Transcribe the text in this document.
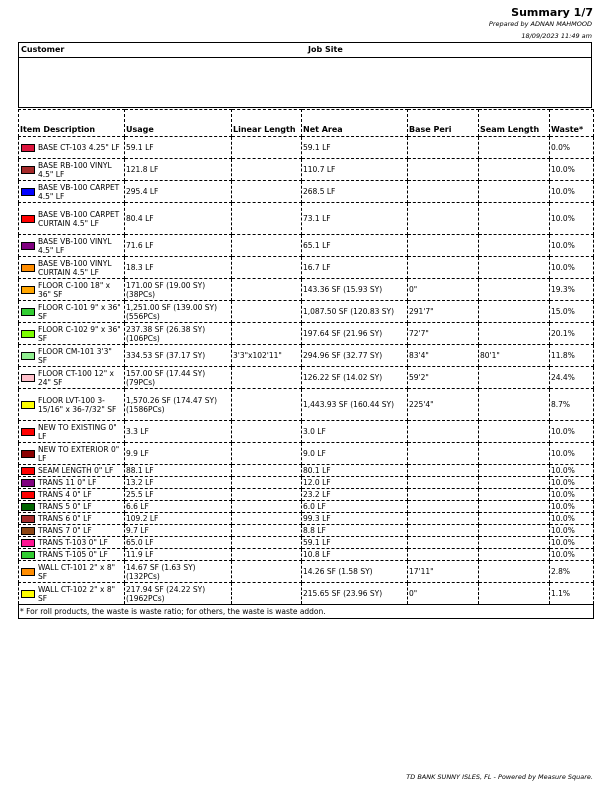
Summary 1/7
Prepared by ADNAN MAHMOOD
18/09/2023 11:49 am
Customer	Job Site
Item Description	Usage	Linear Length	Net Area	Base Peri	Seam Length	Waste*

BASE CT-103 4.25" LF	59.1 LF		59.1 LF			0.0%

BASE RB-100 VINYL 4.5" LF	121.8 LF		110.7 LF			10.0%

BASE VB-100 CARPET 4.5" LF	295.4 LF		268.5 LF			10.0%

BASE VB-100 CARPET CURTAIN 4.5" LF	80.4 LF		73.1 LF			10.0%

BASE VB-100 VINYL 4.5" LF	71.6 LF		65.1 LF			10.0%

BASE VB-100 VINYL CURTAIN 4.5" LF	18.3 LF		16.7 LF			10.0%

FLOOR C-100 18" x 36" SF	171.00 SF (19.00 SY) (38PCs)		143.36 SF (15.93 SY)	0"		19.3%

FLOOR C-101 9" x 36" SF	1,251.00 SF (139.00 SY) (556PCs)		1,087.50 SF (120.83 SY)	291'7"		15.0%

FLOOR C-102 9" x 36" SF	237.38 SF (26.38 SY) (106PCs)		197.64 SF (21.96 SY)	72'7"		20.1%

FLOOR CM-101 3'3" SF	334.53 SF (37.17 SY)	3'3"x102'11"	294.96 SF (32.77 SY)	83'4"	80'1"	11.8%

FLOOR CT-100 12" x 24" SF	157.00 SF (17.44 SY) (79PCs)		126.22 SF (14.02 SY)	59'2"		24.4%

FLOOR LVT-100 3-15/16" x 36-7/32" SF	1,570.26 SF (174.47 SY) (1586PCs)		1,443.93 SF (160.44 SY)	225'4"		8.7%

NEW TO EXISTING 0" LF	3.3 LF		3.0 LF			10.0%

NEW TO EXTERIOR 0" LF	9.9 LF		9.0 LF			10.0%

SEAM LENGTH 0" LF	88.1 LF		80.1 LF			10.0%

TRANS 11 0" LF	13.2 LF		12.0 LF			10.0%

TRANS 4 0" LF	25.5 LF		23.2 LF			10.0%

TRANS 5 0" LF	6.6 LF		6.0 LF			10.0%

TRANS 6 0" LF	109.2 LF		99.3 LF			10.0%

TRANS 7 0" LF	9.7 LF		8.8 LF			10.0%

TRANS T-103 0" LF	65.0 LF		59.1 LF			10.0%

TRANS T-105 0" LF	11.9 LF		10.8 LF			10.0%

WALL CT-101 2" x 8" SF	14.67 SF (1.63 SY) (132PCs)		14.26 SF (1.58 SY)	17'11"		2.8%

WALL CT-102 2" x 8" SF	217.94 SF (24.22 SY) (1962PCs)		215.65 SF (23.96 SY)	0"		1.1%
* For roll products, the waste is waste ratio; for others, the waste is waste addon.						
TD BANK SUNNY ISLES, FL - Powered by Measure Square.
